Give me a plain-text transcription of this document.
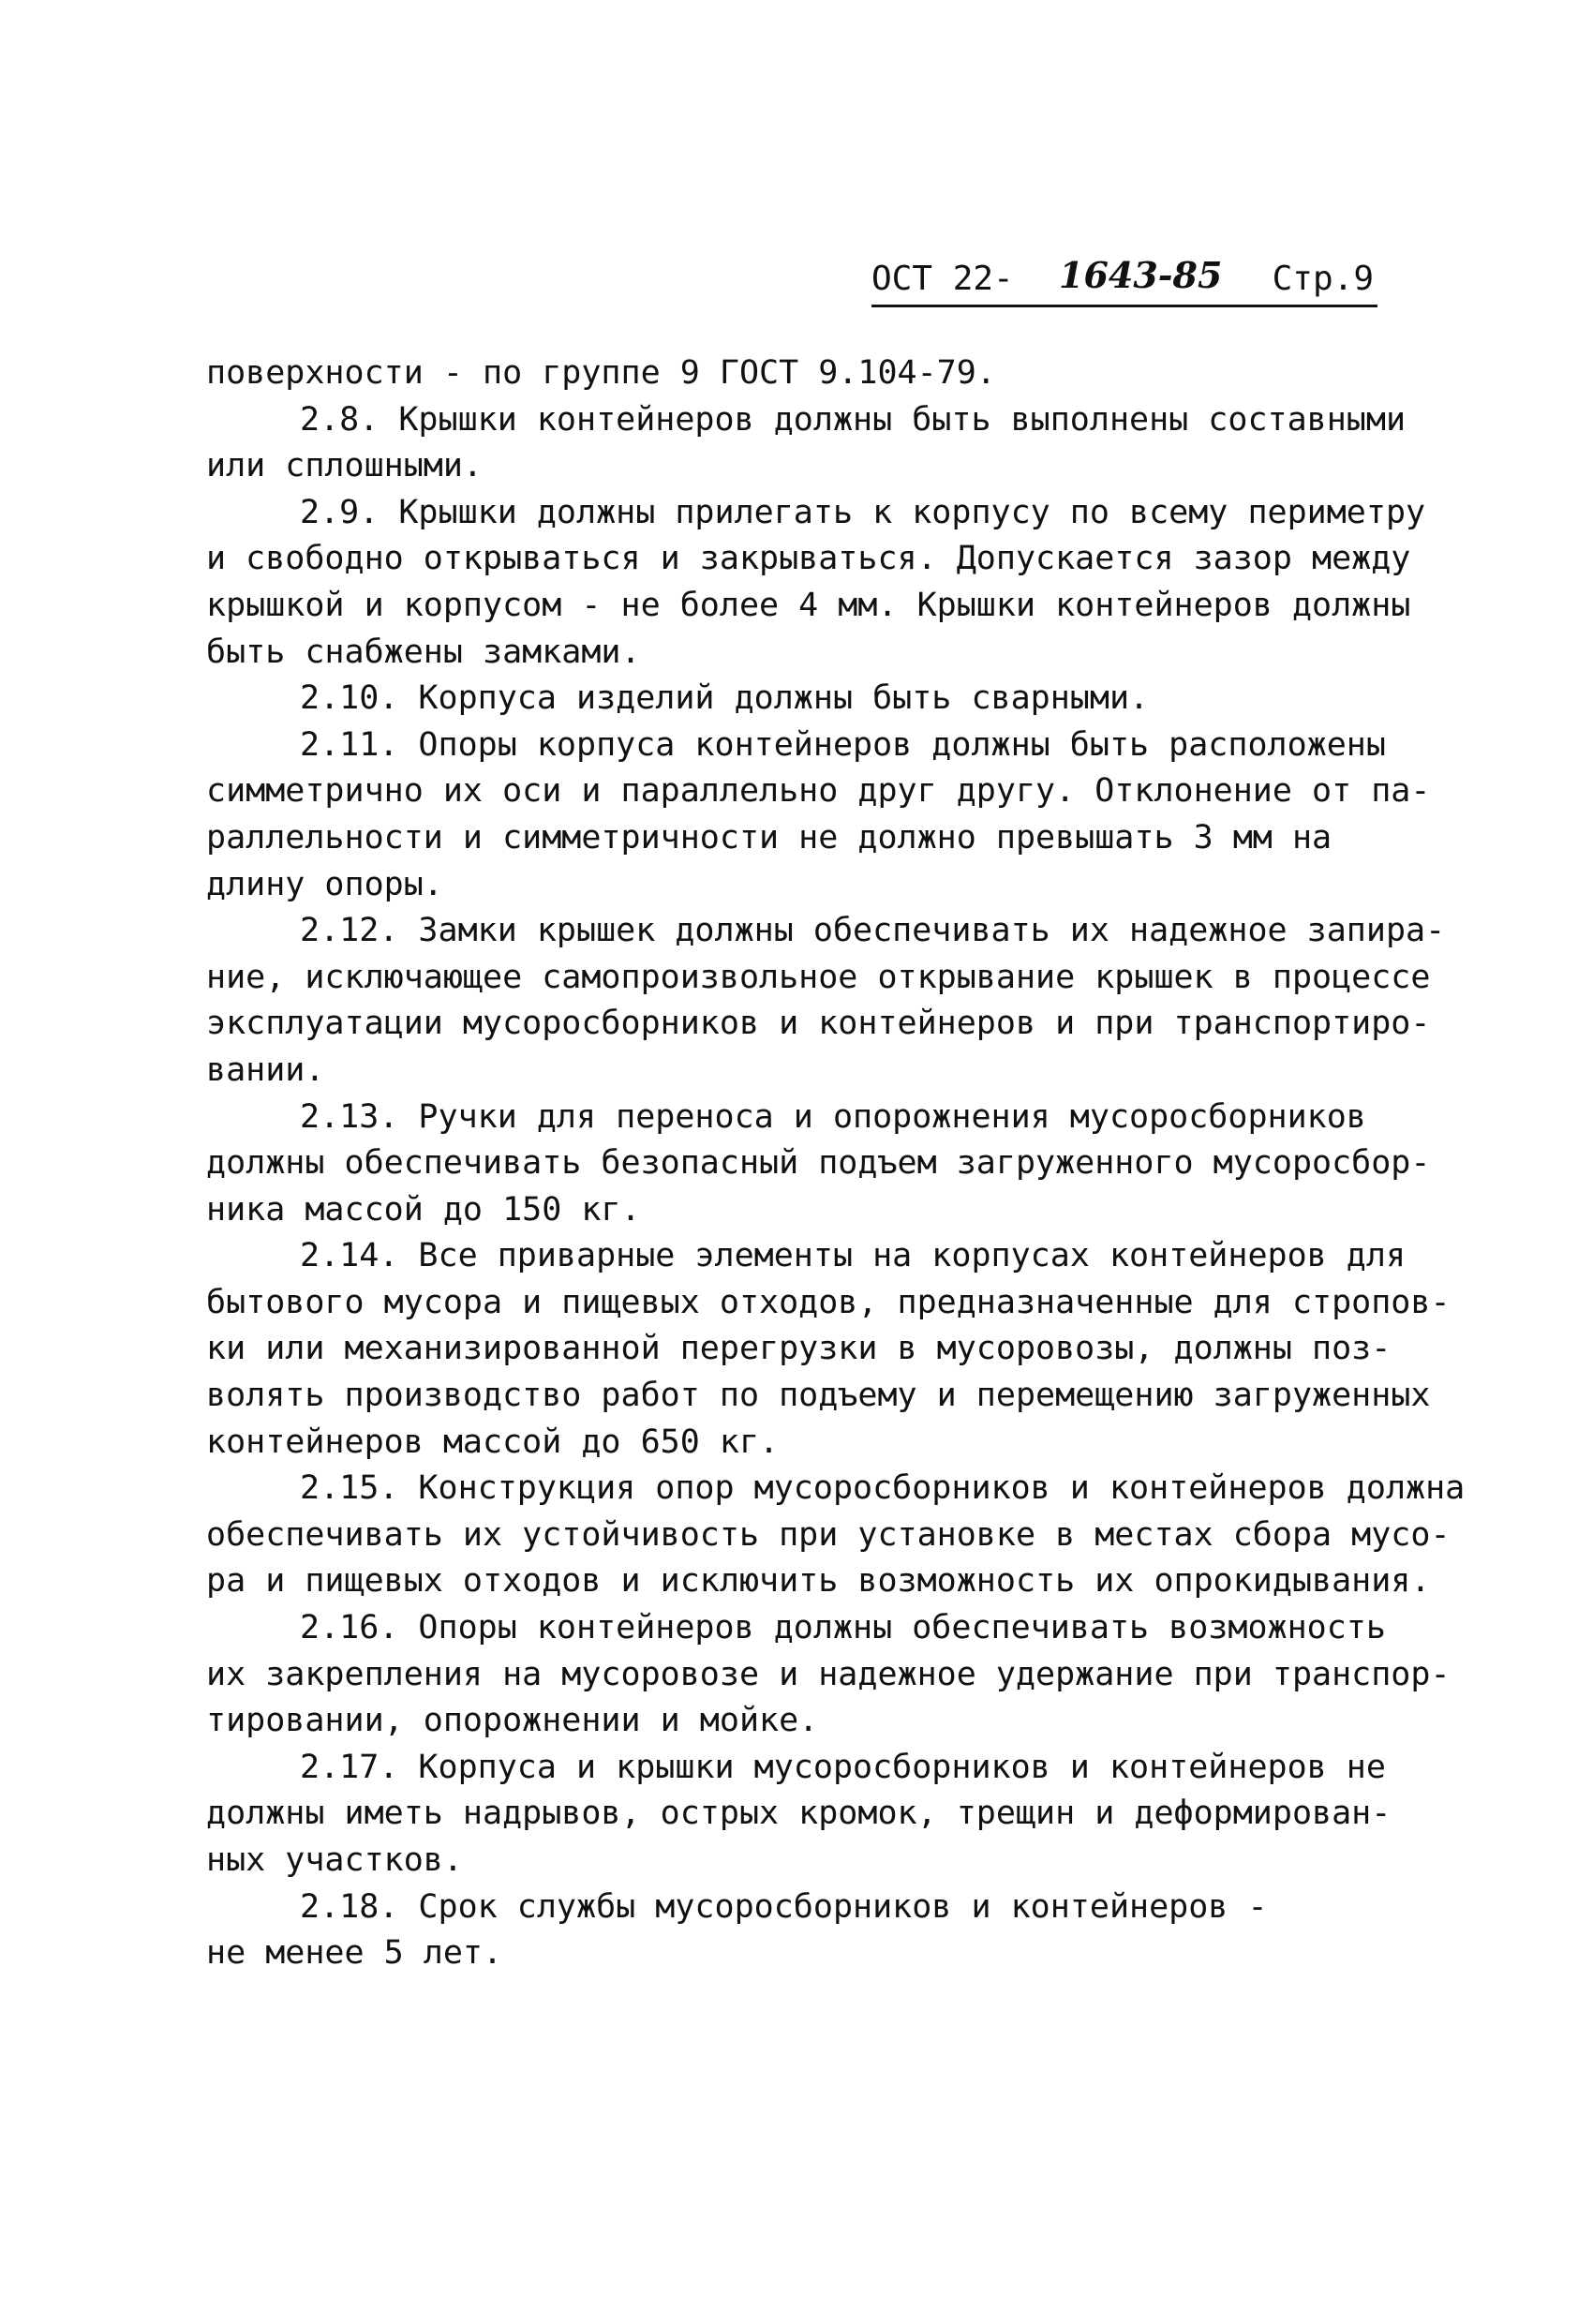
ОСТ 22- 1643-85 Стр.9
поверхности - по группе 9 ГОСТ 9.104-79.
2.8. Крышки контейнеров должны быть выполнены составными
или сплошными.
2.9. Крышки должны прилегать к корпусу по всему периметру
и свободно открываться и закрываться. Допускается зазор между
крышкой и корпусом - не более 4 мм. Крышки контейнеров должны
быть снабжены замками.
2.10. Корпуса изделий должны быть сварными.
2.11. Опоры корпуса контейнеров должны быть расположены
симметрично их оси и параллельно друг другу. Отклонение от па-
раллельности и симметричности не должно превышать 3 мм на
длину опоры.
2.12. Замки крышек должны обеспечивать их надежное запира-
ние, исключающее самопроизвольное открывание крышек в процессе
эксплуатации мусоросборников и контейнеров и при транспортиро-
вании.
2.13. Ручки для переноса и опорожнения мусоросборников
должны обеспечивать безопасный подъем загруженного мусоросбор-
ника массой до 150 кг.
2.14. Все приварные элементы на корпусах контейнеров для
бытового мусора и пищевых отходов, предназначенные для стропов-
ки или механизированной перегрузки в мусоровозы, должны поз-
волять производство работ по подъему и перемещению загруженных
контейнеров массой до 650 кг.
2.15. Конструкция опор мусоросборников и контейнеров должна
обеспечивать их устойчивость при установке в местах сбора мусо-
ра и пищевых отходов и исключить возможность их опрокидывания.
2.16. Опоры контейнеров должны обеспечивать возможность
их закрепления на мусоровозе и надежное удержание при транспор-
тировании, опорожнении и мойке.
2.17. Корпуса и крышки мусоросборников и контейнеров не
должны иметь надрывов, острых кромок, трещин и деформирован-
ных участков.
2.18. Срок службы мусоросборников и контейнеров -
не менее 5 лет.
